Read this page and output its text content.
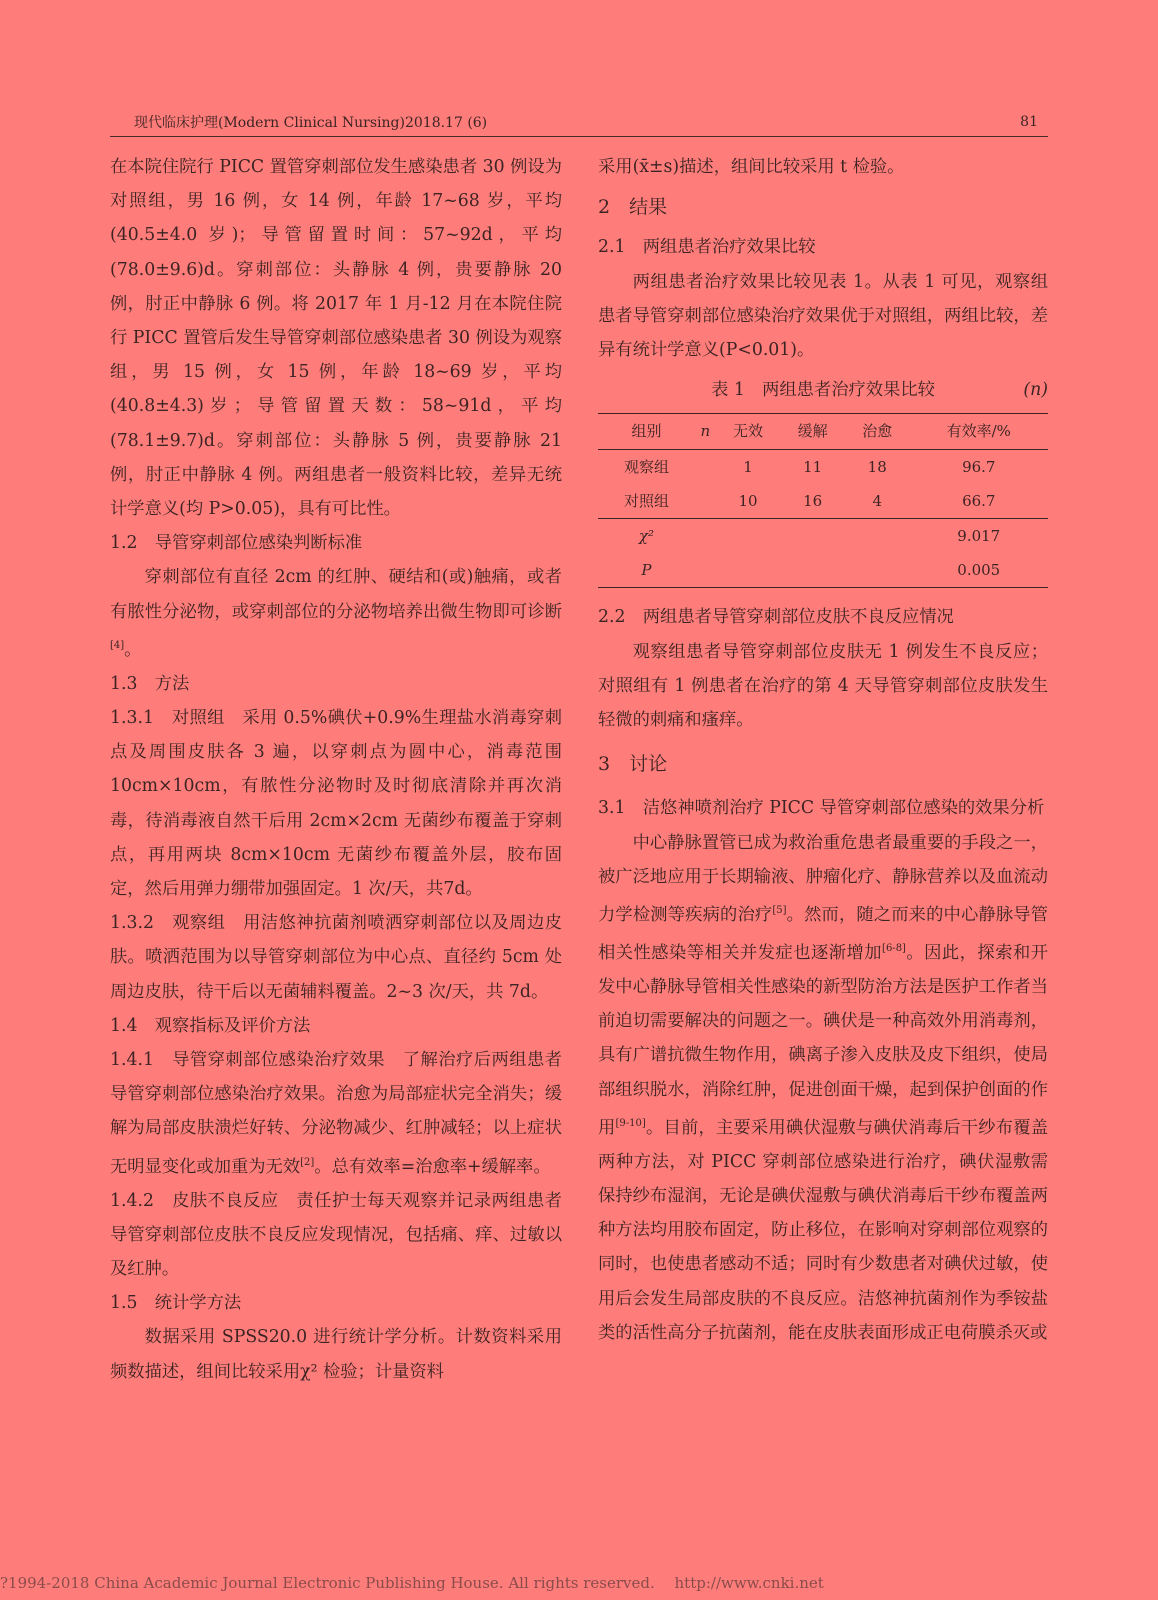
现代临床护理(Modern Clinical Nursing)2018.17 (6)	81

在本院住院行 PICC 置管穿刺部位发生感染患者 30 例设为对照组，男 16 例，女 14 例，年龄 17~68 岁，平均(40.5±4.0 岁)；导管留置时间：57~92d，平均(78.0±9.6)d。穿刺部位：头静脉 4 例，贵要静脉 20 例，肘正中静脉 6 例。将 2017 年 1 月-12 月在本院住院行 PICC 置管后发生导管穿刺部位感染患者 30 例设为观察组，男 15 例，女 15 例，年龄 18~69 岁，平均(40.8±4.3)岁；导管留置天数：58~91d，平均(78.1±9.7)d。穿刺部位：头静脉 5 例，贵要静脉 21 例，肘正中静脉 4 例。两组患者一般资料比较，差异无统计学意义(均 P>0.05)，具有可比性。

1.2　导管穿刺部位感染判断标准

穿刺部位有直径 2cm 的红肿、硬结和(或)触痛，或者有脓性分泌物，或穿刺部位的分泌物培养出微生物即可诊断[4]。

1.3　方法

1.3.1　对照组　采用 0.5%碘伏+0.9%生理盐水消毒穿刺点及周围皮肤各 3 遍，以穿刺点为圆中心，消毒范围 10cm×10cm，有脓性分泌物时及时彻底清除并再次消毒，待消毒液自然干后用 2cm×2cm 无菌纱布覆盖于穿刺点，再用两块 8cm×10cm 无菌纱布覆盖外层，胶布固定，然后用弹力绷带加强固定。1 次/天，共7d。

1.3.2　观察组　用洁悠神抗菌剂喷洒穿刺部位以及周边皮肤。喷洒范围为以导管穿刺部位为中心点、直径约 5cm 处周边皮肤，待干后以无菌辅料覆盖。2~3 次/天，共 7d。

1.4　观察指标及评价方法

1.4.1　导管穿刺部位感染治疗效果　了解治疗后两组患者导管穿刺部位感染治疗效果。治愈为局部症状完全消失；缓解为局部皮肤溃烂好转、分泌物减少、红肿减轻；以上症状无明显变化或加重为无效[2]。总有效率=治愈率+缓解率。

1.4.2　皮肤不良反应　责任护士每天观察并记录两组患者导管穿刺部位皮肤不良反应发现情况，包括痛、痒、过敏以及红肿。

1.5　统计学方法

数据采用 SPSS20.0 进行统计学分析。计数资料采用频数描述，组间比较采用χ² 检验；计量资料

采用(x̄±s)描述，组间比较采用 t 检验。

2　结果

2.1　两组患者治疗效果比较

两组患者治疗效果比较见表 1。从表 1 可见，观察组患者导管穿刺部位感染治疗效果优于对照组，两组比较，差异有统计学意义(P<0.01)。

表 1　两组患者治疗效果比较	(n)
组别	n	无效	缓解	治愈	有效率/%
观察组		1	11	18	96.7
对照组		10	16	4	66.7
χ²					9.017
P					0.005

2.2　两组患者导管穿刺部位皮肤不良反应情况

观察组患者导管穿刺部位皮肤无 1 例发生不良反应；对照组有 1 例患者在治疗的第 4 天导管穿刺部位皮肤发生轻微的刺痛和瘙痒。

3　讨论

3.1　洁悠神喷剂治疗 PICC 导管穿刺部位感染的效果分析

中心静脉置管已成为救治重危患者最重要的手段之一，被广泛地应用于长期输液、肿瘤化疗、静脉营养以及血流动力学检测等疾病的治疗[5]。然而，随之而来的中心静脉导管相关性感染等相关并发症也逐渐增加[6-8]。因此，探索和开发中心静脉导管相关性感染的新型防治方法是医护工作者当前迫切需要解决的问题之一。碘伏是一种高效外用消毒剂，具有广谱抗微生物作用，碘离子渗入皮肤及皮下组织，使局部组织脱水，消除红肿，促进创面干燥，起到保护创面的作用[9-10]。目前，主要采用碘伏湿敷与碘伏消毒后干纱布覆盖两种方法，对 PICC 穿刺部位感染进行治疗，碘伏湿敷需保持纱布湿润，无论是碘伏湿敷与碘伏消毒后干纱布覆盖两种方法均用胶布固定，防止移位，在影响对穿刺部位观察的同时，也使患者感动不适；同时有少数患者对碘伏过敏，使用后会发生局部皮肤的不良反应。洁悠神抗菌剂作为季铵盐类的活性高分子抗菌剂，能在皮肤表面形成正电荷膜杀灭或

?1994-2018 China Academic Journal Electronic Publishing House. All rights reserved.　 http://www.cnki.net
